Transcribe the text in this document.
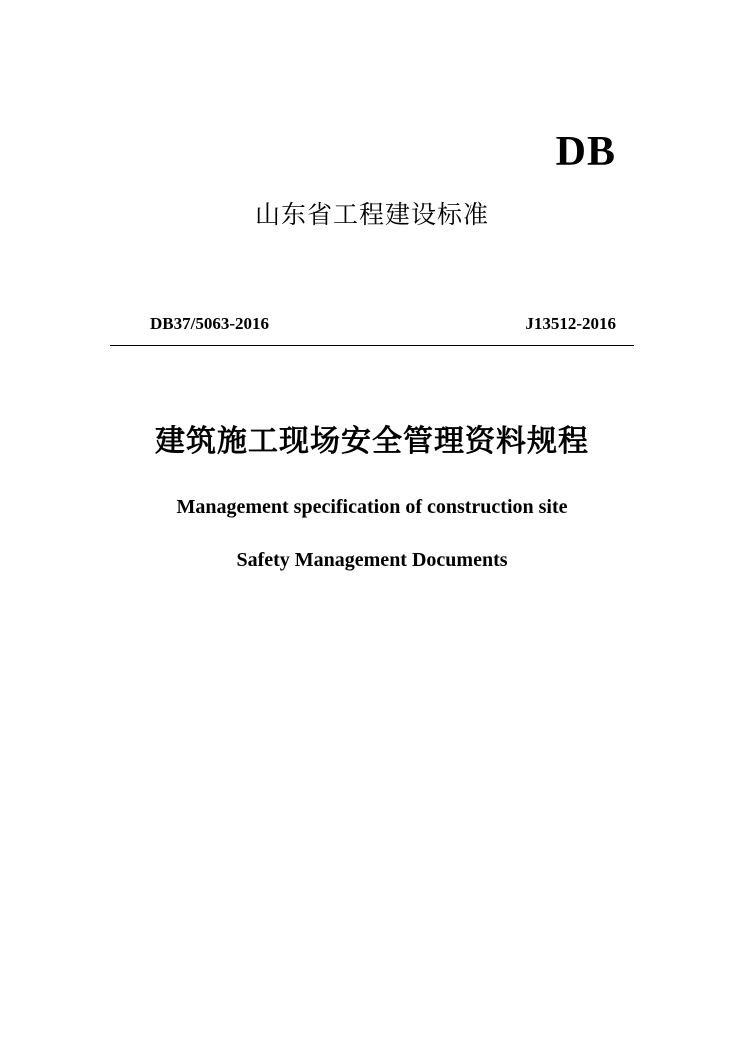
DB
山东省工程建设标准
DB37/5063-2016	J13512-2016
建筑施工现场安全管理资料规程
Management specification of construction site
Safety Management Documents
